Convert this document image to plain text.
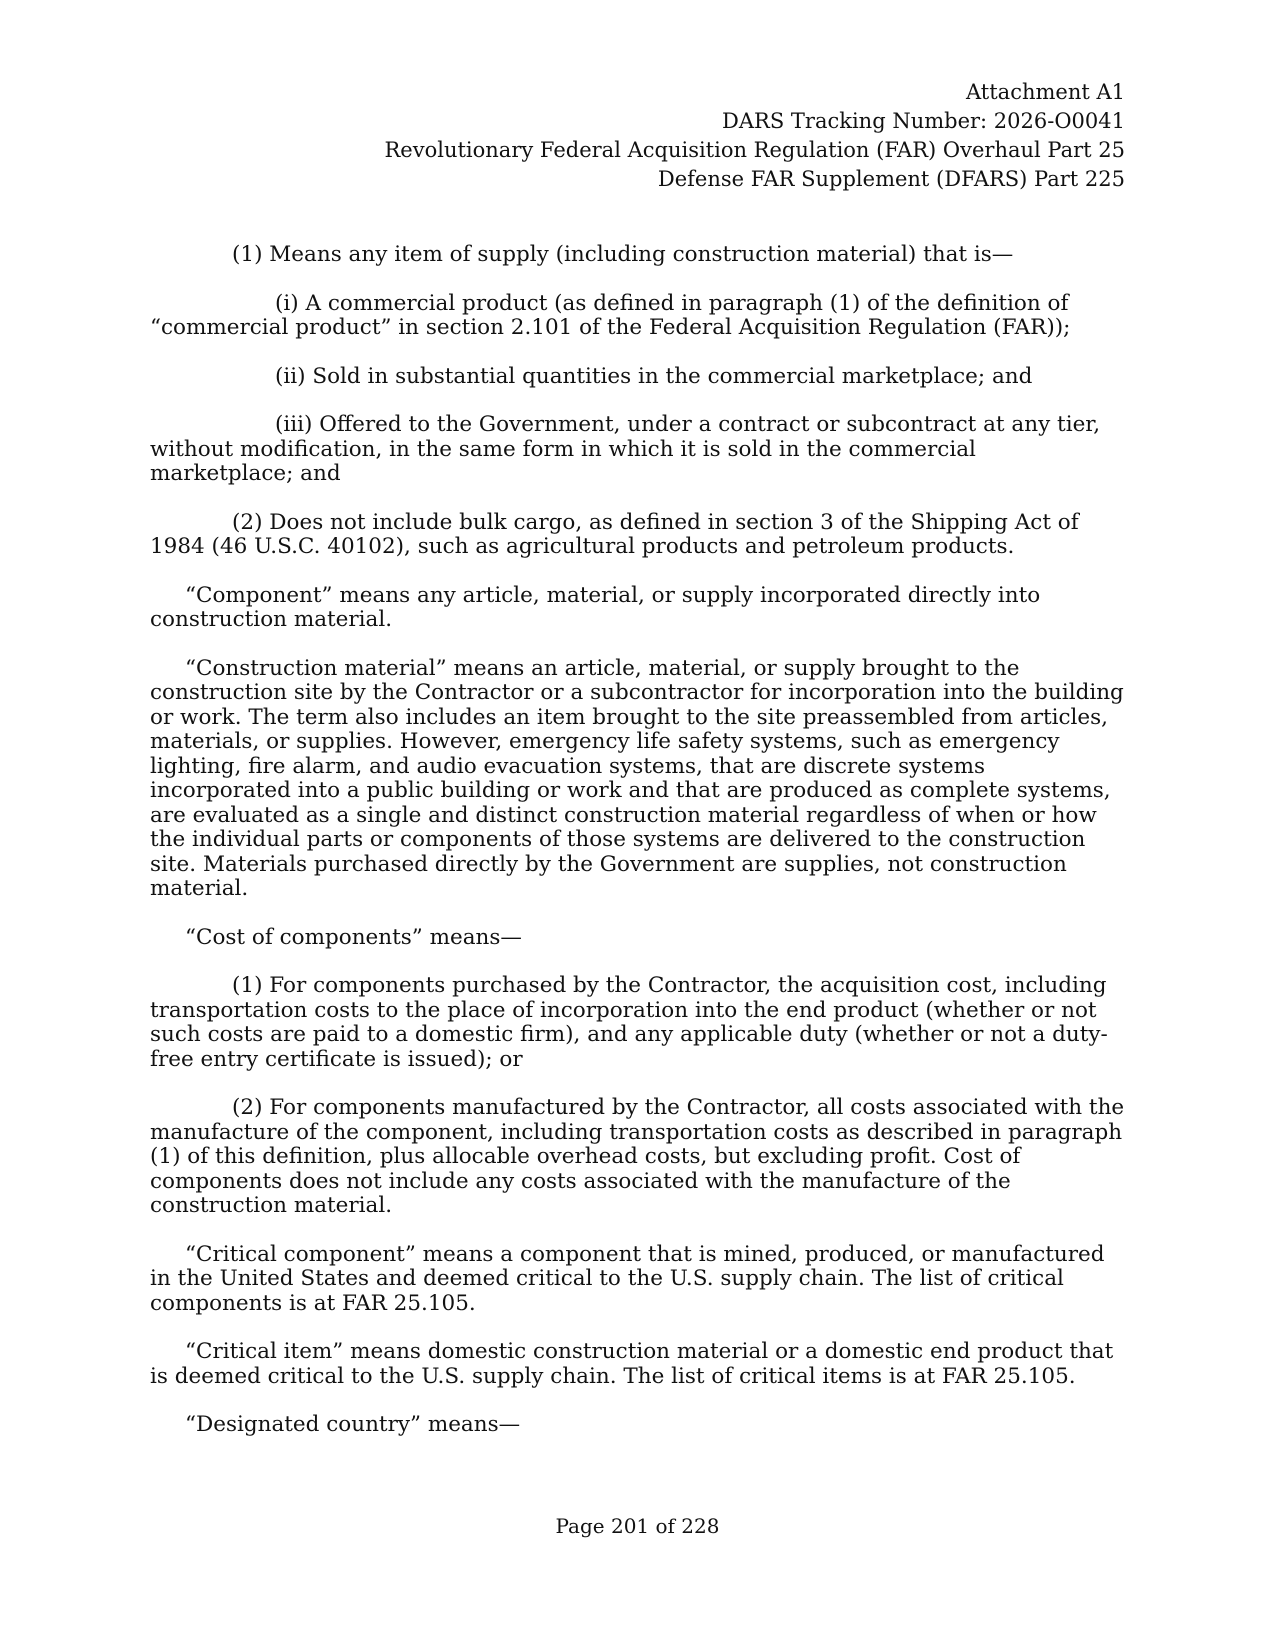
Attachment A1
DARS Tracking Number: 2026-O0041
Revolutionary Federal Acquisition Regulation (FAR) Overhaul Part 25
Defense FAR Supplement (DFARS) Part 225

(1) Means any item of supply (including construction material) that is—

(i) A commercial product (as defined in paragraph (1) of the definition of “commercial product” in section 2.101 of the Federal Acquisition Regulation (FAR));

(ii) Sold in substantial quantities in the commercial marketplace; and

(iii) Offered to the Government, under a contract or subcontract at any tier, without modification, in the same form in which it is sold in the commercial marketplace; and

(2) Does not include bulk cargo, as defined in section 3 of the Shipping Act of 1984 (46 U.S.C. 40102), such as agricultural products and petroleum products.

“Component” means any article, material, or supply incorporated directly into construction material.

“Construction material” means an article, material, or supply brought to the construction site by the Contractor or a subcontractor for incorporation into the building or work. The term also includes an item brought to the site preassembled from articles, materials, or supplies. However, emergency life safety systems, such as emergency lighting, fire alarm, and audio evacuation systems, that are discrete systems incorporated into a public building or work and that are produced as complete systems, are evaluated as a single and distinct construction material regardless of when or how the individual parts or components of those systems are delivered to the construction site. Materials purchased directly by the Government are supplies, not construction material.

“Cost of components” means—

(1) For components purchased by the Contractor, the acquisition cost, including transportation costs to the place of incorporation into the end product (whether or not such costs are paid to a domestic firm), and any applicable duty (whether or not a duty-free entry certificate is issued); or

(2) For components manufactured by the Contractor, all costs associated with the manufacture of the component, including transportation costs as described in paragraph (1) of this definition, plus allocable overhead costs, but excluding profit. Cost of components does not include any costs associated with the manufacture of the construction material.

“Critical component” means a component that is mined, produced, or manufactured in the United States and deemed critical to the U.S. supply chain. The list of critical components is at FAR 25.105.

“Critical item” means domestic construction material or a domestic end product that is deemed critical to the U.S. supply chain. The list of critical items is at FAR 25.105.

“Designated country” means—

Page 201 of 228
